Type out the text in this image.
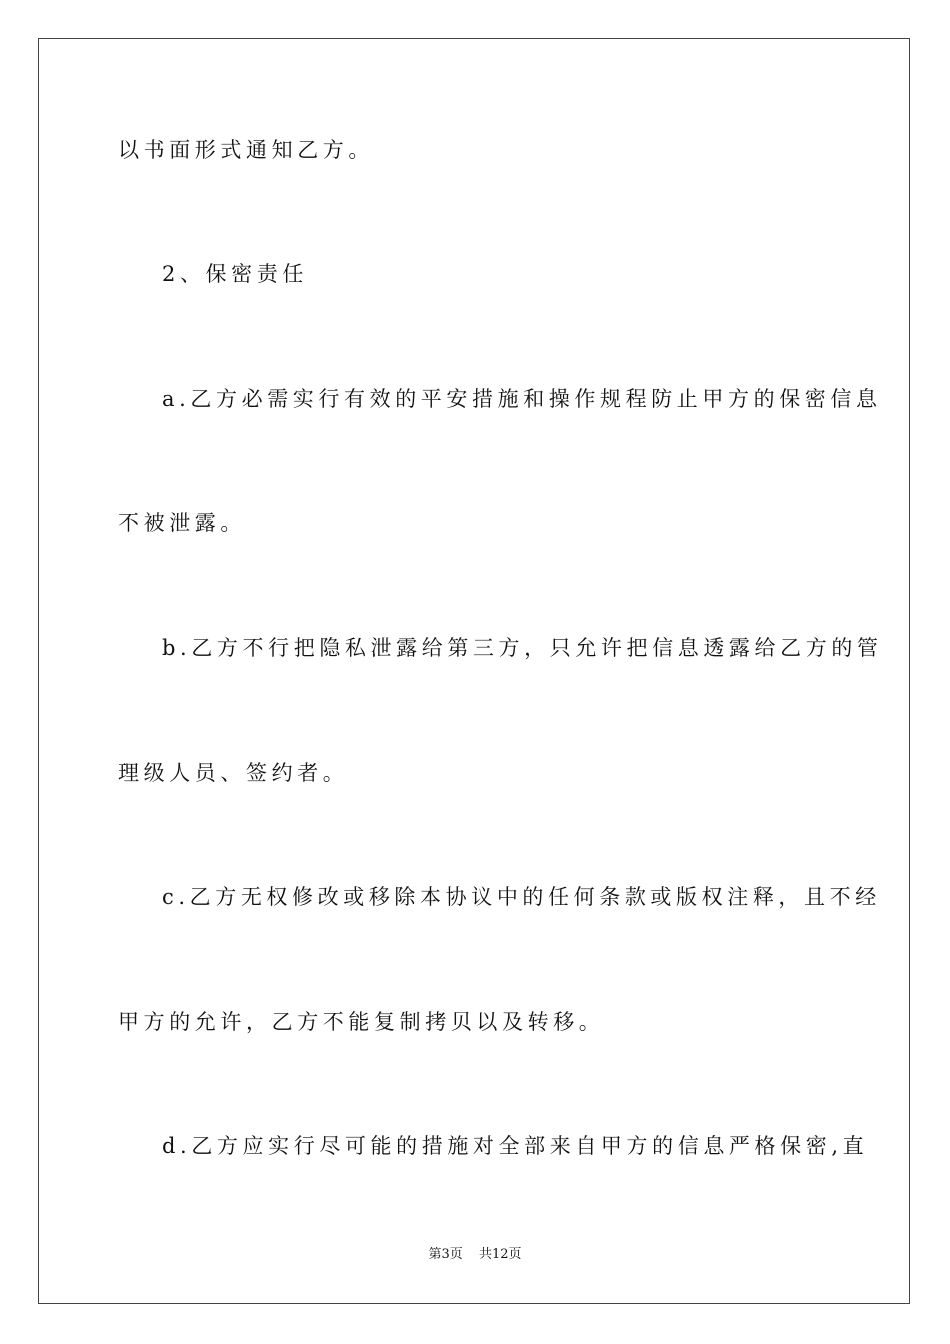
以书面形式通知乙方。
2、保密责任
a.乙方必需实行有效的平安措施和操作规程防止甲方的保密信息
不被泄露。
b.乙方不行把隐私泄露给第三方，只允许把信息透露给乙方的管
理级人员、签约者。
c.乙方无权修改或移除本协议中的任何条款或版权注释，且不经
甲方的允许，乙方不能复制拷贝以及转移。
d.乙方应实行尽可能的措施对全部来自甲方的信息严格保密,直
第3页 共12页
